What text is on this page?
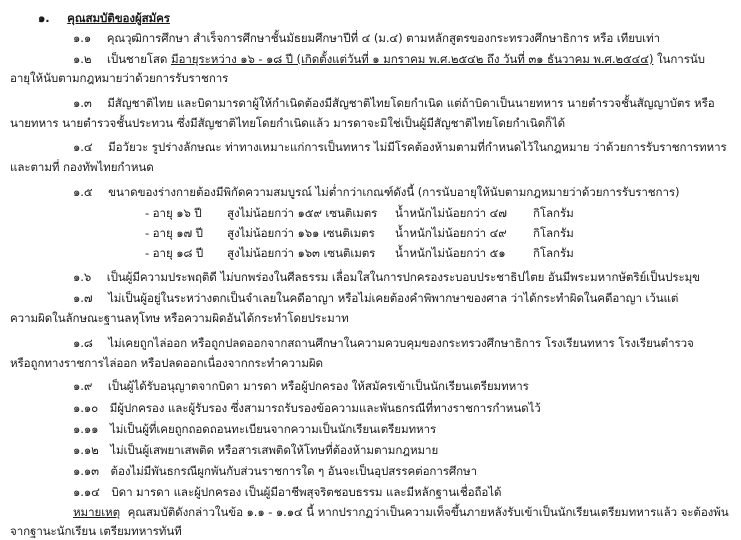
๑. คุณสมบัติของผู้สมัคร
๑.๑ คุณวุฒิการศึกษา สำเร็จการศึกษาชั้นมัธยมศึกษาปีที่ ๔ (ม.๔) ตามหลักสูตรของกระทรวงศึกษาธิการ หรือ เทียบเท่า
๑.๒ เป็นชายโสด มีอายุระหว่าง ๑๖ - ๑๘ ปี (เกิดตั้งแต่วันที่ ๑ มกราคม พ.ศ.๒๕๔๒ ถึง วันที่ ๓๑ ธันวาคม พ.ศ.๒๕๔๔) ในการนับ
อายุให้นับตามกฎหมายว่าด้วยการรับราชการ
๑.๓ มีสัญชาติไทย และบิดามารดาผู้ให้กำเนิดต้องมีสัญชาติไทยโดยกำเนิด แต่ถ้าบิดาเป็นนายทหาร นายตำรวจชั้นสัญญาบัตร หรือ
นายทหาร นายตำรวจชั้นประทวน ซึ่งมีสัญชาติไทยโดยกำเนิดแล้ว มารดาจะมิใช่เป็นผู้มีสัญชาติไทยโดยกำเนิดก็ได้
๑.๔ มีอวัยวะ รูปร่างลักษณะ ท่าทางเหมาะแก่การเป็นทหาร ไม่มีโรคต้องห้ามตามที่กำหนดไว้ในกฎหมาย ว่าด้วยการรับราชการทหาร
และตามที่ กองทัพไทยกำหนด
๑.๕ ขนาดของร่างกายต้องมีพิกัดความสมบูรณ์ ไม่ต่ำกว่าเกณฑ์ดังนี้ (การนับอายุให้นับตามกฎหมายว่าด้วยการรับราชการ)
- อายุ ๑๖ ปี สูงไม่น้อยกว่า ๑๕๙ เซนติเมตร น้ำหนักไม่น้อยกว่า ๔๗ กิโลกรัม
- อายุ ๑๗ ปี สูงไม่น้อยกว่า ๑๖๑ เซนติเมตร น้ำหนักไม่น้อยกว่า ๔๙ กิโลกรัม
- อายุ ๑๘ ปี สูงไม่น้อยกว่า ๑๖๓ เซนติเมตร น้ำหนักไม่น้อยกว่า ๕๑ กิโลกรัม
๑.๖ เป็นผู้มีความประพฤติดี ไม่บกพร่องในศีลธรรม เลื่อมใสในการปกครองระบอบประชาธิปไตย อันมีพระมหากษัตริย์เป็นประมุข
๑.๗ ไม่เป็นผู้อยู่ในระหว่างตกเป็นจำเลยในคดีอาญา หรือไม่เคยต้องคำพิพากษาของศาล ว่าได้กระทำผิดในคดีอาญา เว้นแต่
ความผิดในลักษณะฐานลหุโทษ หรือความผิดอันได้กระทำโดยประมาท
๑.๘ ไม่เคยถูกไล่ออก หรือถูกปลดออกจากสถานศึกษาในความควบคุมของกระทรวงศึกษาธิการ โรงเรียนทหาร โรงเรียนตำรวจ
หรือถูกทางราชการไล่ออก หรือปลดออกเนื่องจากกระทำความผิด
๑.๙ เป็นผู้ได้รับอนุญาตจากบิดา มารดา หรือผู้ปกครอง ให้สมัครเข้าเป็นนักเรียนเตรียมทหาร
๑.๑๐ มีผู้ปกครอง และผู้รับรอง ซึ่งสามารถรับรองข้อความและพันธกรณีที่ทางราชการกำหนดไว้
๑.๑๑ ไม่เป็นผู้ที่เคยถูกถอดถอนทะเบียนจากความเป็นนักเรียนเตรียมทหาร
๑.๑๒ ไม่เป็นผู้เสพยาเสพติด หรือสารเสพติดให้โทษที่ต้องห้ามตามกฎหมาย
๑.๑๓ ต้องไม่มีพันธกรณีผูกพันกับส่วนราชการใด ๆ อันจะเป็นอุปสรรคต่อการศึกษา
๑.๑๔ บิดา มารดา และผู้ปกครอง เป็นผู้มีอาชีพสุจริตชอบธรรม และมีหลักฐานเชื่อถือได้
หมายเหตุ คุณสมบัติดังกล่าวในข้อ ๑.๑ - ๑.๑๔ นี้ หากปรากฏว่าเป็นความเท็จขึ้นภายหลังรับเข้าเป็นนักเรียนเตรียมทหารแล้ว จะต้องพ้น
จากฐานะนักเรียน เตรียมทหารทันที
